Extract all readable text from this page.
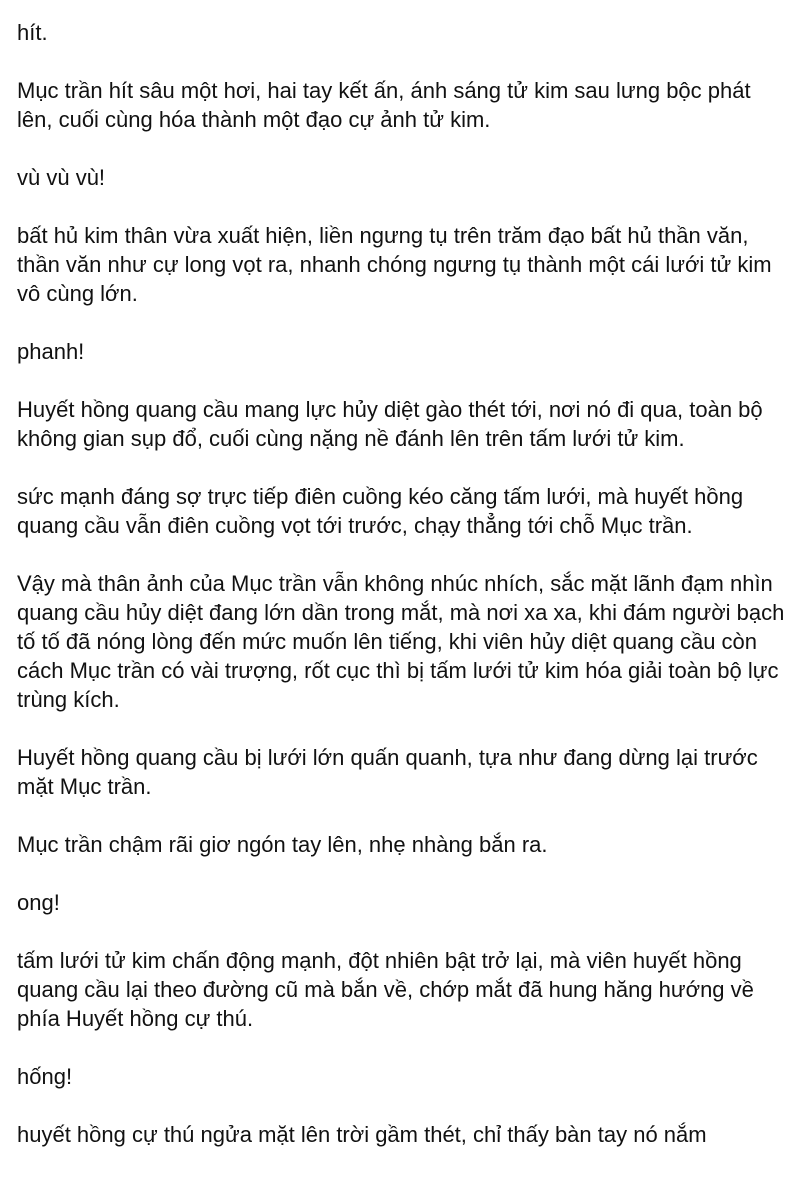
hít.

Mục trần hít sâu một hơi, hai tay kết ấn, ánh sáng tử kim sau lưng bộc phát lên, cuối cùng hóa thành một đạo cự ảnh tử kim.

vù vù vù!

bất hủ kim thân vừa xuất hiện, liền ngưng tụ trên trăm đạo bất hủ thần văn, thần văn như cự long vọt ra, nhanh chóng ngưng tụ thành một cái lưới tử kim vô cùng lớn.

phanh!

Huyết hồng quang cầu mang lực hủy diệt gào thét tới, nơi nó đi qua, toàn bộ không gian sụp đổ, cuối cùng nặng nề đánh lên trên tấm lưới tử kim.

sức mạnh đáng sợ trực tiếp điên cuồng kéo căng tấm lưới, mà huyết hồng quang cầu vẫn điên cuồng vọt tới trước, chạy thẳng tới chỗ Mục trần.

Vậy mà thân ảnh của Mục trần vẫn không nhúc nhích, sắc mặt lãnh đạm nhìn quang cầu hủy diệt đang lớn dần trong mắt, mà nơi xa xa, khi đám người bạch tố tố đã nóng lòng đến mức muốn lên tiếng, khi viên hủy diệt quang cầu còn cách Mục trần có vài trượng, rốt cục thì bị tấm lưới tử kim hóa giải toàn bộ lực trùng kích.

Huyết hồng quang cầu bị lưới lớn quấn quanh, tựa như đang dừng lại trước mặt Mục trần.

Mục trần chậm rãi giơ ngón tay lên, nhẹ nhàng bắn ra.

ong!

tấm lưới tử kim chấn động mạnh, đột nhiên bật trở lại, mà viên huyết hồng quang cầu lại theo đường cũ mà bắn về, chớp mắt đã hung hăng hướng về phía Huyết hồng cự thú.

hống!

huyết hồng cự thú ngửa mặt lên trời gầm thét, chỉ thấy bàn tay nó nắm
